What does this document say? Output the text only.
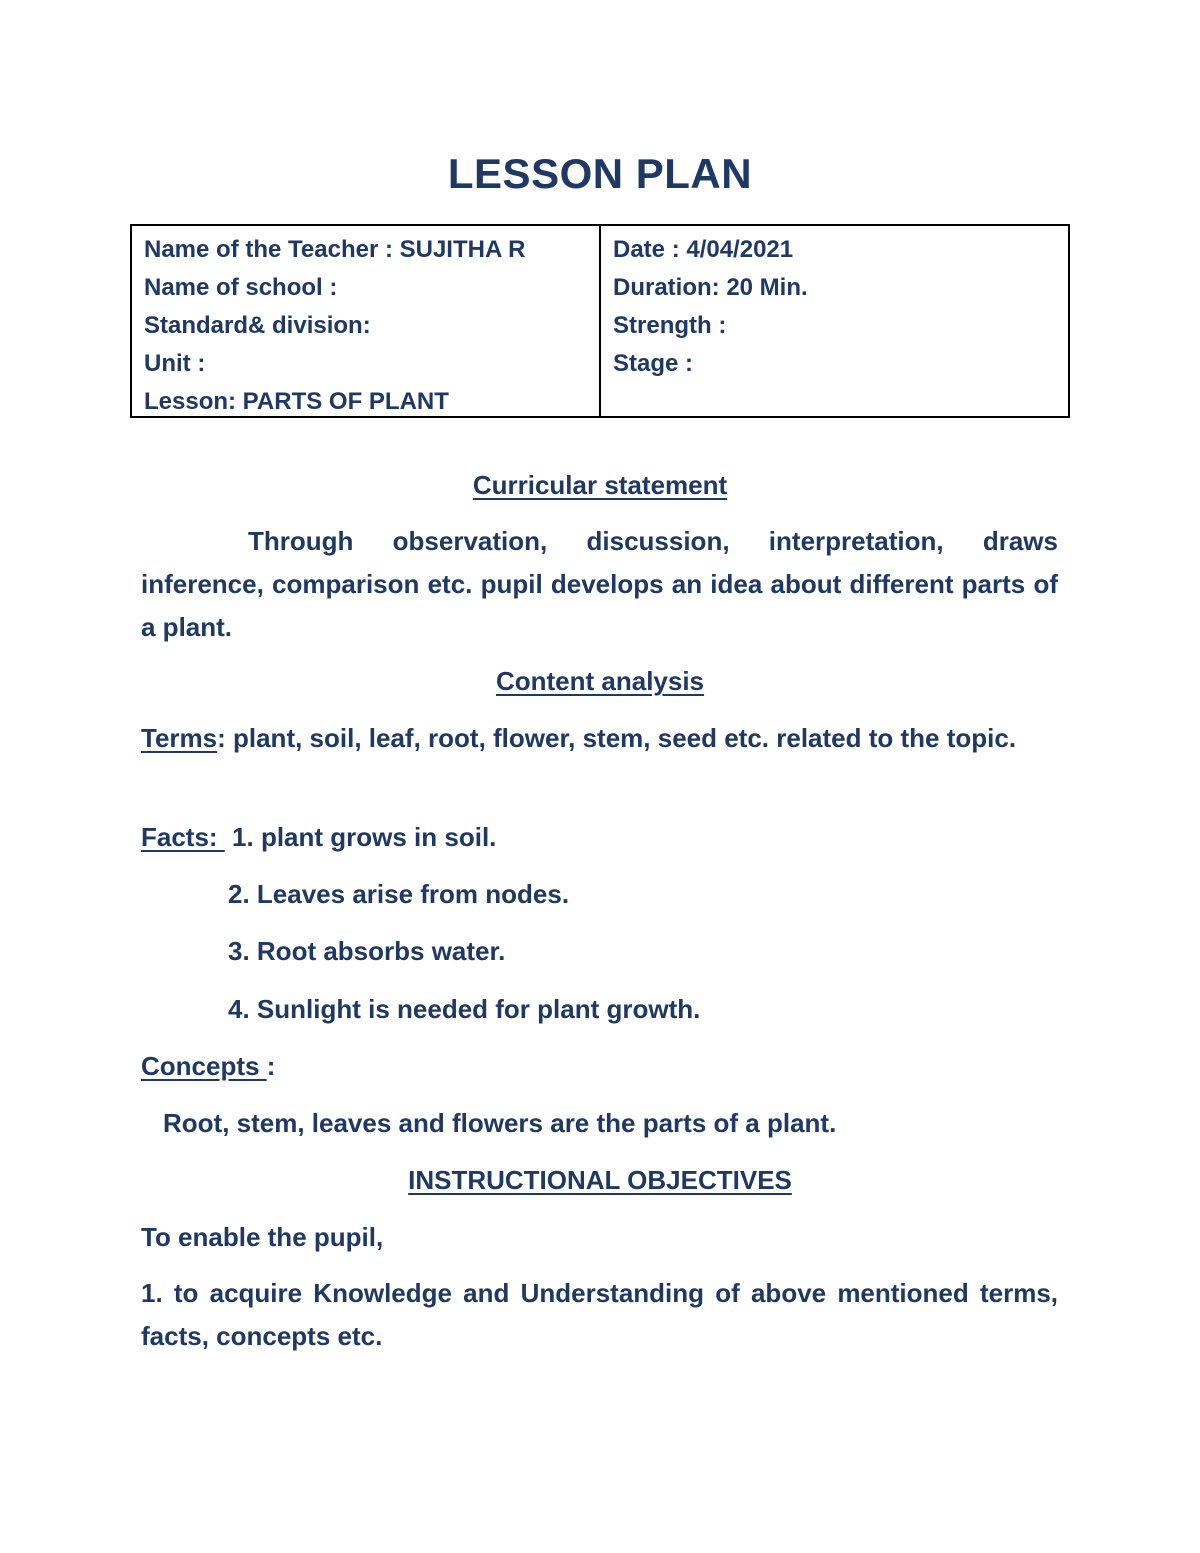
LESSON PLAN
Name of the Teacher : SUJITHA R
Name of school :
Standard& division:
Unit :
Lesson: PARTS OF PLANT
Date : 4/04/2021
Duration: 20 Min.
Strength :
Stage :
Curricular statement
Through observation, discussion, interpretation, draws inference, comparison etc. pupil develops an idea about different parts of a plant.
Content analysis
Terms: plant, soil, leaf, root, flower, stem, seed etc. related to the topic.
Facts:  1. plant grows in soil.
2. Leaves arise from nodes.
3. Root absorbs water.
4. Sunlight is needed for plant growth.
Concepts :
Root, stem, leaves and flowers are the parts of a plant.
INSTRUCTIONAL OBJECTIVES
To enable the pupil,
1. to acquire Knowledge and Understanding of above mentioned terms, facts, concepts etc.
